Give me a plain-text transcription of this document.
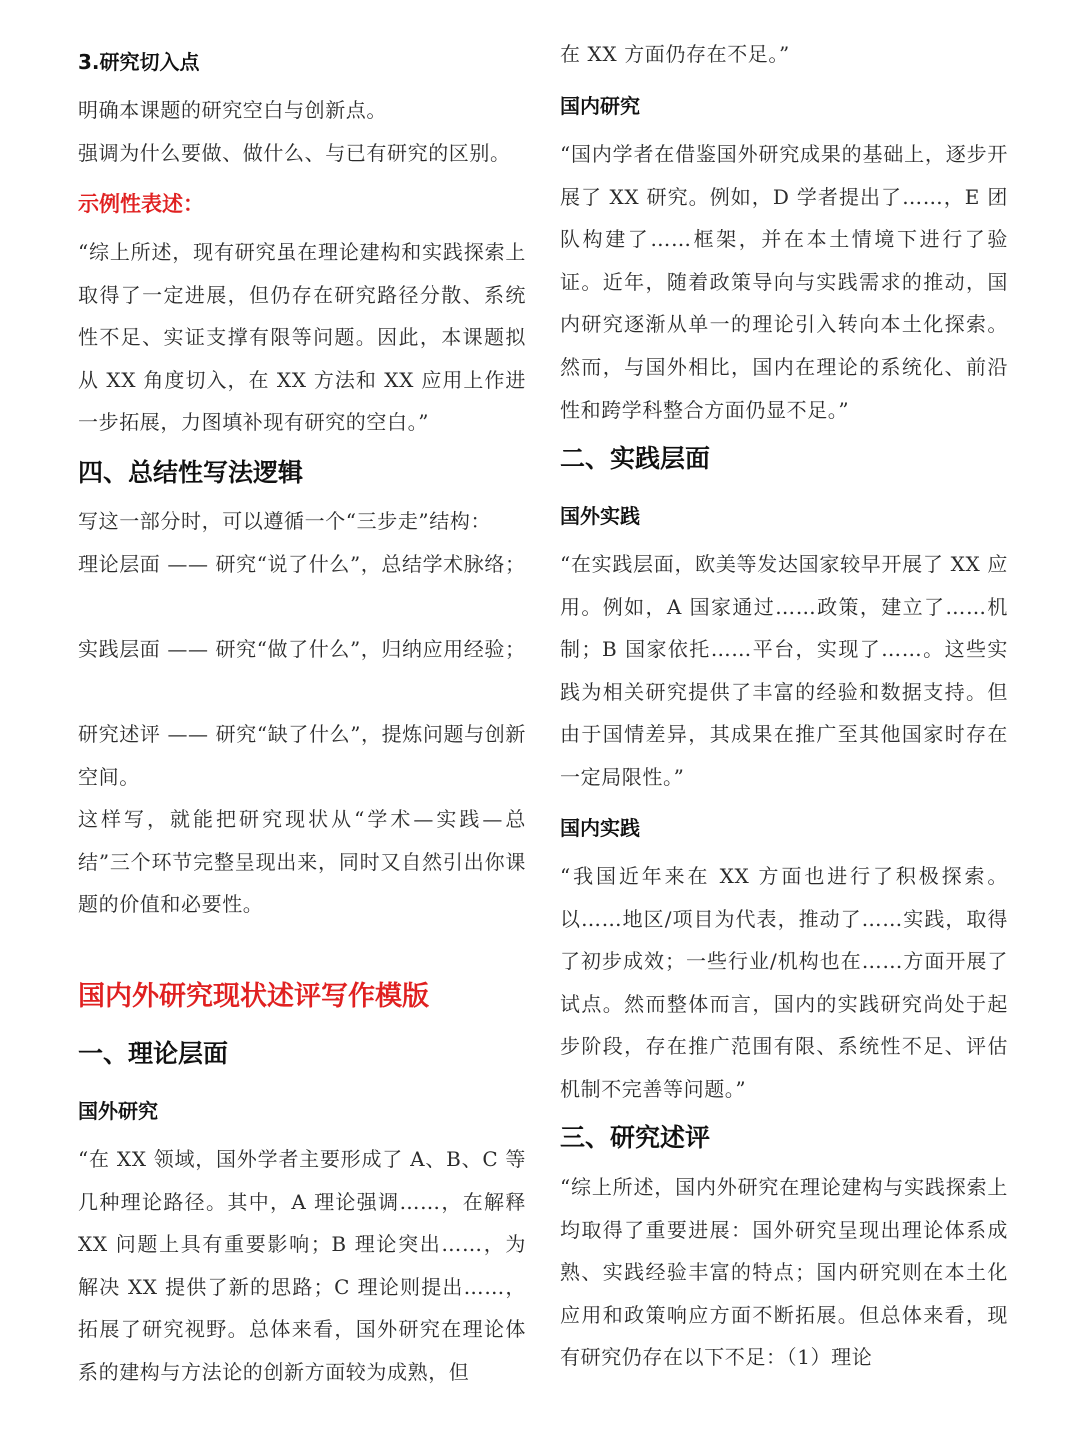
3.研究切入点

明确本课题的研究空白与创新点。

强调为什么要做、做什么、与已有研究的区别。

示例性表述：

“综上所述，现有研究虽在理论建构和实践探索上取得了一定进展，但仍存在研究路径分散、系统性不足、实证支撑有限等问题。因此，本课题拟从 XX 角度切入，在 XX 方法和 XX 应用上作进一步拓展，力图填补现有研究的空白。”

四、总结性写法逻辑

写这一部分时，可以遵循一个“三步走”结构：

理论层面 —— 研究“说了什么”，总结学术脉络；

实践层面 —— 研究“做了什么”，归纳应用经验；

研究述评 —— 研究“缺了什么”，提炼问题与创新空间。

这样写，就能把研究现状从“学术—实践—总结”三个环节完整呈现出来，同时又自然引出你课题的价值和必要性。

国内外研究现状述评写作模版
一、理论层面
国外研究

“在 XX 领域，国外学者主要形成了 A、B、C 等几种理论路径。其中，A 理论强调……，在解释 XX 问题上具有重要影响；B 理论突出……，为解决 XX 提供了新的思路；C 理论则提出……，拓展了研究视野。总体来看，国外研究在理论体系的建构与方法论的创新方面较为成熟，但

在 XX 方面仍存在不足。”

国内研究

“国内学者在借鉴国外研究成果的基础上，逐步开展了 XX 研究。例如，D 学者提出了……，E 团队构建了……框架，并在本土情境下进行了验证。近年，随着政策导向与实践需求的推动，国内研究逐渐从单一的理论引入转向本土化探索。然而，与国外相比，国内在理论的系统化、前沿性和跨学科整合方面仍显不足。”

二、实践层面
国外实践

“在实践层面，欧美等发达国家较早开展了 XX 应用。例如，A 国家通过……政策，建立了……机制；B 国家依托……平台，实现了……。这些实践为相关研究提供了丰富的经验和数据支持。但由于国情差异，其成果在推广至其他国家时存在一定局限性。”

国内实践

“我国近年来在 XX 方面也进行了积极探索。以……地区/项目为代表，推动了……实践，取得了初步成效；一些行业/机构也在……方面开展了试点。然而整体而言，国内的实践研究尚处于起步阶段，存在推广范围有限、系统性不足、评估机制不完善等问题。”

三、研究述评

“综上所述，国内外研究在理论建构与实践探索上均取得了重要进展：国外研究呈现出理论体系成熟、实践经验丰富的特点；国内研究则在本土化应用和政策响应方面不断拓展。但总体来看，现有研究仍存在以下不足：（1）理论
